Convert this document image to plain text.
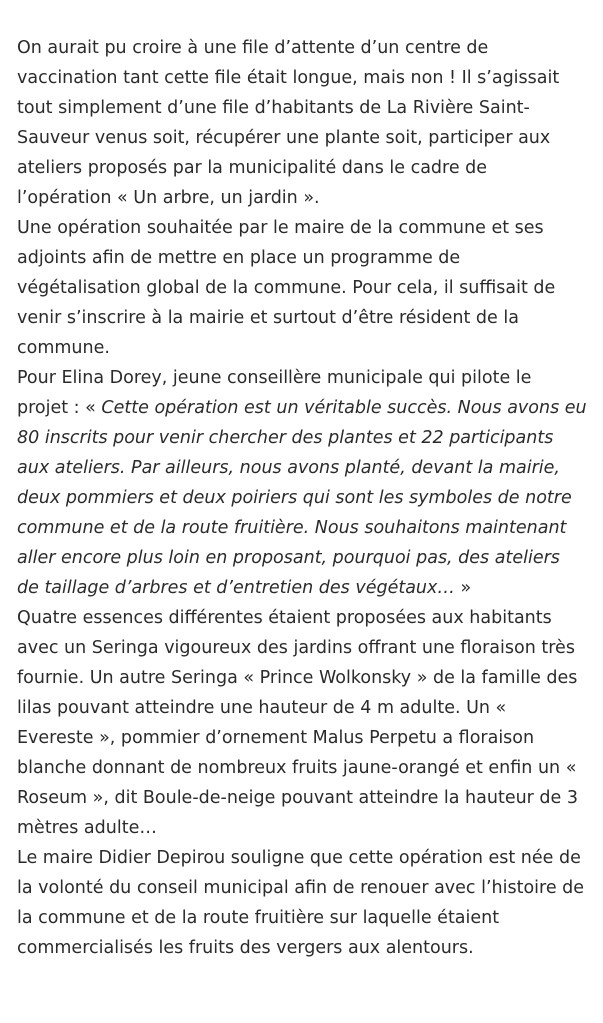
On aurait pu croire à une file d’attente d’un centre de vaccination tant cette file était longue, mais non ! Il s’agissait tout simplement d’une file d’habitants de La Rivière Saint-Sauveur venus soit, récupérer une plante soit, participer aux ateliers proposés par la municipalité dans le cadre de l’opération « Un arbre, un jardin ».

Une opération souhaitée par le maire de la commune et ses adjoints afin de mettre en place un programme de végétalisation global de la commune. Pour cela, il suffisait de venir s’inscrire à la mairie et surtout d’être résident de la commune.

Pour Elina Dorey, jeune conseillère municipale qui pilote le projet : « Cette opération est un véritable succès. Nous avons eu 80 inscrits pour venir chercher des plantes et 22 participants aux ateliers. Par ailleurs, nous avons planté, devant la mairie, deux pommiers et deux poiriers qui sont les symboles de notre commune et de la route fruitière. Nous souhaitons maintenant aller encore plus loin en proposant, pourquoi pas, des ateliers de taillage d’arbres et d’entretien des végétaux… »

Quatre essences différentes étaient proposées aux habitants avec un Seringa vigoureux des jardins offrant une floraison très fournie. Un autre Seringa « Prince Wolkonsky » de la famille des lilas pouvant atteindre une hauteur de 4 m adulte. Un « Evereste », pommier d’ornement Malus Perpetu a floraison blanche donnant de nombreux fruits jaune-orangé et enfin un « Roseum », dit Boule-de-neige pouvant atteindre la hauteur de 3 mètres adulte…

Le maire Didier Depirou souligne que cette opération est née de la volonté du conseil municipal afin de renouer avec l’histoire de la commune et de la route fruitière sur laquelle étaient commercialisés les fruits des vergers aux alentours.
